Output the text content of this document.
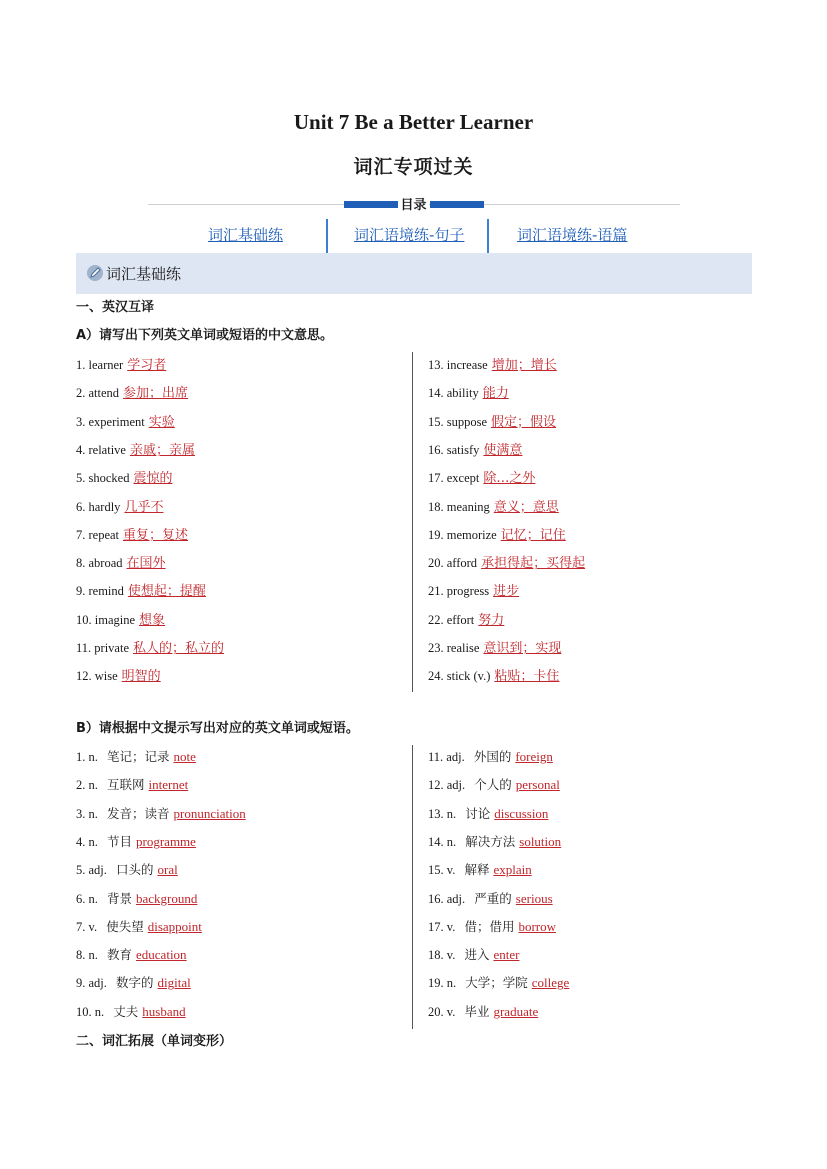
Unit 7 Be a Better Learner
词汇专项过关
目录
词汇基础练	词汇语境练-句子	词汇语境练-语篇
词汇基础练
一、英汉互译
A）请写出下列英文单词或短语的中文意思。
1. learner 学习者
2. attend 参加；出席
3. experiment 实验
4. relative 亲戚；亲属
5. shocked 震惊的
6. hardly 几乎不
7. repeat 重复；复述
8. abroad 在国外
9. remind 使想起；提醒
10. imagine 想象
11. private 私人的；私立的
12. wise 明智的
13. increase 增加；增长
14. ability 能力
15. suppose 假定；假设
16. satisfy 使满意
17. except 除…之外
18. meaning 意义；意思
19. memorize 记忆；记住
20. afford 承担得起；买得起
21. progress 进步
22. effort 努力
23. realise 意识到；实现
24. stick (v.) 粘贴；卡住
B）请根据中文提示写出对应的英文单词或短语。
1. n. 笔记；记录 note
2. n. 互联网 internet
3. n. 发音；读音 pronunciation
4. n. 节目 programme
5. adj. 口头的 oral
6. n. 背景 background
7. v. 使失望 disappoint
8. n. 教育 education
9. adj. 数字的 digital
10. n. 丈夫 husband
11. adj. 外国的 foreign
12. adj. 个人的 personal
13. n. 讨论 discussion
14. n. 解决方法 solution
15. v. 解释 explain
16. adj. 严重的 serious
17. v. 借；借用 borrow
18. v. 进入 enter
19. n. 大学；学院 college
20. v. 毕业 graduate
二、词汇拓展（单词变形）
